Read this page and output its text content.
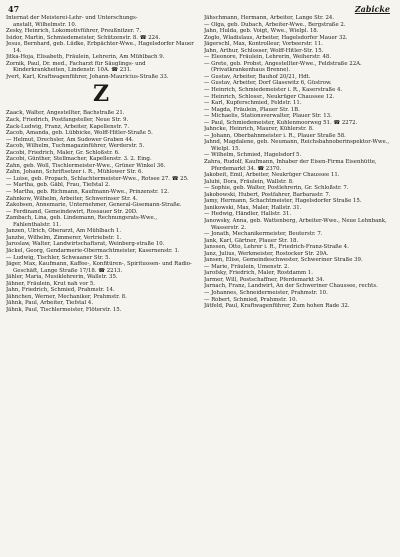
47	Zabicke
Internat der Meisterei-Lehr- und Unterschungs-
anstalt, Wilhelmstr. 10.
Zesky, Heinrich, Lokomotivführer, Preußnitzer. 7.
Isidor, Martin, Schmiedemeister, Schützenstr. 8. ☎ 224.
Jesus, Bernhard, geb. Lüdke, Erbpächter-Wwe., Hagelsdorfer Mauer 14.
Jitka-Hoja, Elisabeth, Fräulein, Lehrerin, Am Mühlbach 9.
Zornik, Paul, Dr. med., Facharzt für Säuglings- und Kinderkrankheiten, Lindenstr. 10A. ☎ 231.
Jvert, Karl, Kraftwagenführer, Johann-Mauricius-Straße 33.
Z
Zaack, Walter, Angestellter, Bachstraße 21.
Zack, Friedrich, Postfangsteller, Neue Str. 9.
Zack-Ludwig, Franz, Arbeiter, Kapellenstr. 7.
Zacob, Amanda, geb. Lübbicke, Wolff-Hitler-Straße 5.
— Helmut, Drechsler, Am Sudower Graben 44.
Zacob, Wilhelm, Tuchmagazinführer, Werderstr. 5.
Zacobi, Friedrich, Maler, Gr. Schloßstr. 6.
Zacobi, Günther, Stellmacher, Kapellenstr. 3. 2. Eing.
Zahn, geb. Woll, Tischlermeister-Wwe., Grüner Winkel 36.
Zahn, Johann, Schriftsetzer i. R., Mühlower Str. 6.
— Luise, geb. Propach, Schlachtermeister-Wwe., Rotsee 27. ☎ 25.
— Martha, geb. Gäbl, Frau, Tiefstal 2.
— Martha, geb. Richmann, Kaufmann-Wwe., Prinzenstr. 12.
Zahnkow, Wilhelm, Arbeiter, Schwerinser Str. 4.
Zakobsen, Annemarie, Unternehmer, General-Gisemann-Straße.
— Ferdinand, Gemeindewirt, Rossauer Str. 20D.
Zambach, Lina, geb. Lindemann, Rechnungsrats-Wwe., Fahlenthalstr. 11.
Janzen, Ulrich, Oberarzt, Am Mühlbach 1.
Janzhe, Wilhelm, Zimmerer, Vertriebstr. 1.
Jaroslaw, Walter, Landwirtschaftsrat, Weinberg-straße 10.
Jäckel, Georg, Gendarmerie-Obermachtmeister, Kasernenstr. 1.
— Ludwig, Tischler, Schwaaner Str. 5.
Jäger, Max, Kaufmann, Kaffee-, Konfitüren-, Spirituosen- und Radio-Geschäft, Lange Straße 17/18. ☎ 2213.
Jähler, Maria, Musiklehrerin, Wallstr. 35.
Jähner, Fräulein, Krut nah vor 5.
Jahn, Friedrich, Schmied, Prahmstr. 14.
Jähnchen, Werner, Mechaniker, Prahmstr. 8.
Jähnk, Paul, Arbeiter, Tiefstal 4.
Jähnk, Paul, Tischlermeister, Flöterstr. 15.
Jähschmann, Hermann, Arbeiter, Lange Str. 24.
— Olga, geb. Dubach, Arbeiter-Wwe., Bergstraße 2.
Jahn, Hulda, geb. Voigt, Wwe., Wielpl. 18.
Zoglo, Wladislaus, Arbeiter, Hagelsdorfer Mauer 32.
Jägerschl, Max, Kontrolleur, Vorbeerstr. 11.
Jahn, Arthur, Schlosser, Wolff-Hitler-Str. 15.
— Eleonore, Fräulein, Lehrerin, Weiherstr. 48.
— Grete, geb. Probst, Angestellter-Wwe., Feldstraße 22A. (Privatkrankenhaus Brenne).
— Gustav, Arbeiter, Bauhof 20/21, Hdt.
— Gustav, Arbeiter, Dorf Glasewitz 6, Güstrow.
— Heinrich, Schmiedemeister i. R., Kaserstraße 4.
— Heinrich, Schlossr., Neukrüger Chaussee 12.
— Karl, Kupferschmied, Feldstr. 11.
— Magda, Fräulein, Plauer Str. 1B.
— Michaelis, Stationsverwalter, Plauer Str. 13.
— Paul, Schmiedemeister, Kuhlenmoorweg 51. ☎ 2272.
Jahncke, Heinrich, Maurer, Kühlerstr. 8.
— Johann, Oberbahnmeister i. R., Plauer Straße 58.
Jahnd, Magdalene, geb. Neumann, Reichsbahnoberinspektor-Wwe., Wielpl. 15.
— Wilhelm, Schmied, Hagelsdorf 5.
Zahra, Rudolf, Kaufmann, Inhaber der Eisen-Firma Eisenhütte, Pferdemarkt 34. ☎ 2370.
Jakobeit, Emil, Arbeiter, Neukrüger Chaussee 11.
Jalubi, Dora, Fräulein, Wallstr. 8.
— Sophie, geb. Walter, Postlehrerin, Gr. Schloßstr. 7.
Jakobowski, Hubert, Postfahrer, Barbarastr. 7.
Jamy, Hermann, Schachtmeister, Hagelsdorfer Straße 15.
Janikowski, Max, Maler, Hallstr. 31.
— Hedwig, Händler, Hallstr. 31.
Janowsky, Anna, geb. Wattenberg, Arbeiter-Wwe., Neue Lehnbank, Wasserstr. 2.
— Jonath, Mechanikermeister, Beuterstr. 7.
Jank, Karl, Gärtner, Plauer Str. 18.
Janssen, Otto, Lehrer i. R., Friedrich-Franz-Straße 4.
Janz, Julius, Werkmeister, Rostocker Str. 29A.
Jansen, Elise, Gemeindeschwester, Schweriner Straße 39.
— Marie, Fräulein, Umenstr. 2.
Jarofsky, Friedrich, Maler, Rostdamm 1.
Jarmer, Will, Postschaffner, Pferdemarkt 34.
Jarnach, Franz, Landwirt, An der Schweriner Chaussee, rechts.
— Johannes, Schneidermeister, Prahmstr. 10.
— Robert, Schmied, Prahmstr. 10.
Jätfeld, Paul, Kraftwagenführer, Zum hohen Rade 32.
